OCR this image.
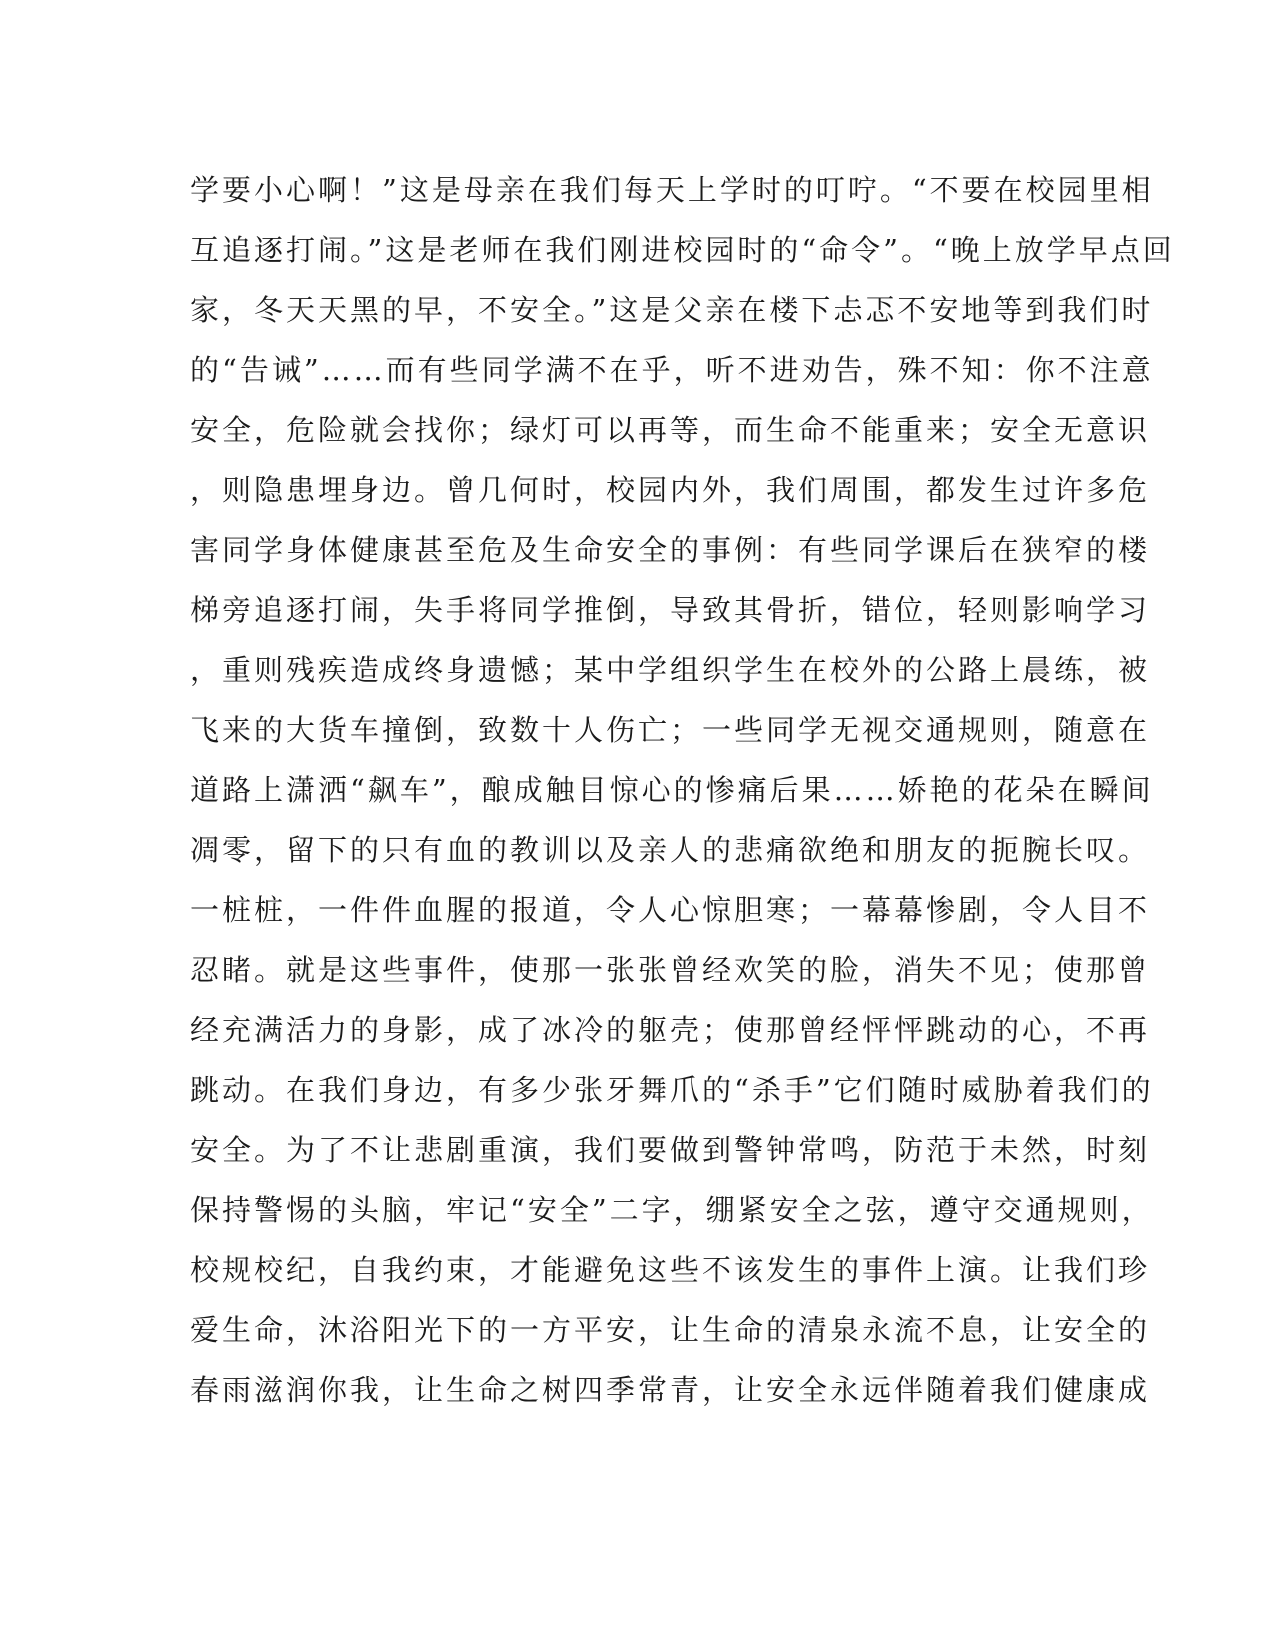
学要小心啊！”这是母亲在我们每天上学时的叮咛。“不要在校园里相
互追逐打闹。”这是老师在我们刚进校园时的“命令”。“晚上放学早点回
家，冬天天黑的早，不安全。”这是父亲在楼下忐忑不安地等到我们时
的“告诫”……而有些同学满不在乎，听不进劝告，殊不知：你不注意
安全，危险就会找你；绿灯可以再等，而生命不能重来；安全无意识
，则隐患埋身边。曾几何时，校园内外，我们周围，都发生过许多危
害同学身体健康甚至危及生命安全的事例：有些同学课后在狭窄的楼
梯旁追逐打闹，失手将同学推倒，导致其骨折，错位，轻则影响学习
，重则残疾造成终身遗憾；某中学组织学生在校外的公路上晨练，被
飞来的大货车撞倒，致数十人伤亡；一些同学无视交通规则，随意在
道路上潇洒“飙车”，酿成触目惊心的惨痛后果……娇艳的花朵在瞬间
凋零，留下的只有血的教训以及亲人的悲痛欲绝和朋友的扼腕长叹。
一桩桩，一件件血腥的报道，令人心惊胆寒；一幕幕惨剧，令人目不
忍睹。就是这些事件，使那一张张曾经欢笑的脸，消失不见；使那曾
经充满活力的身影，成了冰冷的躯壳；使那曾经怦怦跳动的心，不再
跳动。在我们身边，有多少张牙舞爪的“杀手”它们随时威胁着我们的
安全。为了不让悲剧重演，我们要做到警钟常鸣，防范于未然，时刻
保持警惕的头脑，牢记“安全”二字，绷紧安全之弦，遵守交通规则，
校规校纪，自我约束，才能避免这些不该发生的事件上演。让我们珍
爱生命，沐浴阳光下的一方平安，让生命的清泉永流不息，让安全的
春雨滋润你我，让生命之树四季常青，让安全永远伴随着我们健康成
